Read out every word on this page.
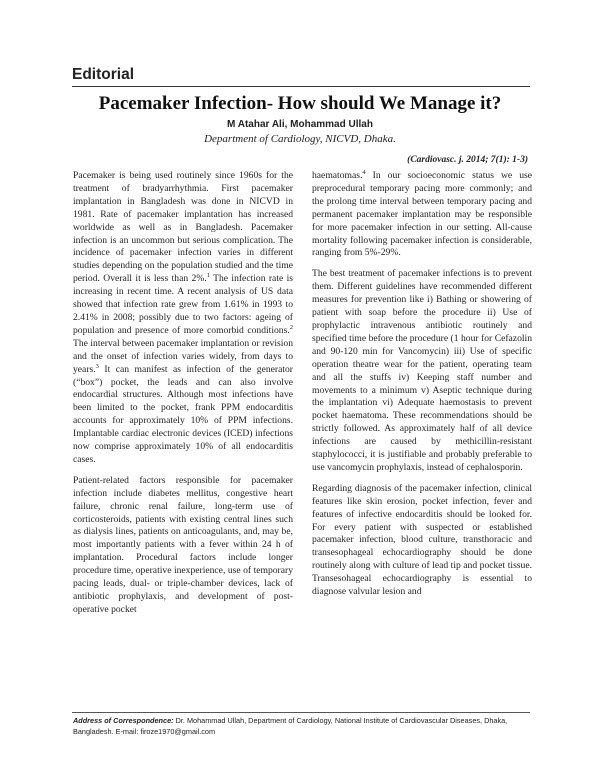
Editorial
Pacemaker Infection- How should We Manage it?
M Atahar Ali, Mohammad Ullah
Department of Cardiology, NICVD, Dhaka.
(Cardiovasc. j. 2014; 7(1): 1-3)

Pacemaker is being used routinely since 1960s for the treatment of bradyarrhythmia. First pacemaker implantation in Bangladesh was done in NICVD in 1981. Rate of pacemaker implantation has increased worldwide as well as in Bangladesh. Pacemaker infection is an uncommon but serious complication. The incidence of pacemaker infection varies in different studies depending on the population studied and the time period. Overall it is less than 2%.$^1$ The infection rate is increasing in recent time. A recent analysis of US data showed that infection rate grew from 1.61% in 1993 to 2.41% in 2008; possibly due to two factors: ageing of population and presence of more comorbid conditions.$^2$ The interval between pacemaker implantation or revision and the onset of infection varies widely, from days to years.$^3$ It can manifest as infection of the generator (“box”) pocket, the leads and can also involve endocardial structures. Although most infections have been limited to the pocket, frank PPM endocarditis accounts for approximately 10% of PPM infections. Implantable cardiac electronic devices (ICED) infections now comprise approximately 10% of all endocarditis cases.

Patient-related factors responsible for pacemaker infection include diabetes mellitus, congestive heart failure, chronic renal failure, long-term use of corticosteroids, patients with existing central lines such as dialysis lines, patients on anticoagulants, and, may be, most importantly patients with a fever within 24 h of implantation. Procedural factors include longer procedure time, operative inexperience, use of temporary pacing leads, dual- or triple-chamber devices, lack of antibiotic prophylaxis, and development of post-operative pocket

haematomas.$^4$ In our socioeconomic status we use preprocedural temporary pacing more commonly; and the prolong time interval between temporary pacing and permanent pacemaker implantation may be responsible for more pacemaker infection in our setting. All-cause mortality following pacemaker infection is considerable, ranging from 5%-29%.

The best treatment of pacemaker infections is to prevent them. Different guidelines have recommended different measures for prevention like i) Bathing or showering of patient with soap before the procedure ii) Use of prophylactic intravenous antibiotic routinely and specified time before the procedure (1 hour for Cefazolin and 90-120 min for Vancomycin) iii) Use of specific operation theatre wear for the patient, operating team and all the stuffs iv) Keeping staff number and movements to a minimum v) Aseptic technique during the implantation vi) Adequate haemostasis to prevent pocket haematoma. These recommendations should be strictly followed. As approximately half of all device infections are caused by methicillin-resistant staphylococci, it is justifiable and probably preferable to use vancomycin prophylaxis, instead of cephalosporin.

Regarding diagnosis of the pacemaker infection, clinical features like skin erosion, pocket infection, fever and features of infective endocarditis should be looked for. For every patient with suspected or established pacemaker infection, blood culture, transthoracic and transesophageal echocardiography should be done routinely along with culture of lead tip and pocket tissue. Transesohageal echocardiography is essential to diagnose valvular lesion and

Address of Correspondence: Dr. Mohammad Ullah, Department of Cardiology, National Institute of Cardiovascular Diseases, Dhaka, Bangladesh. E-mail: firoze1970@gmail.com
